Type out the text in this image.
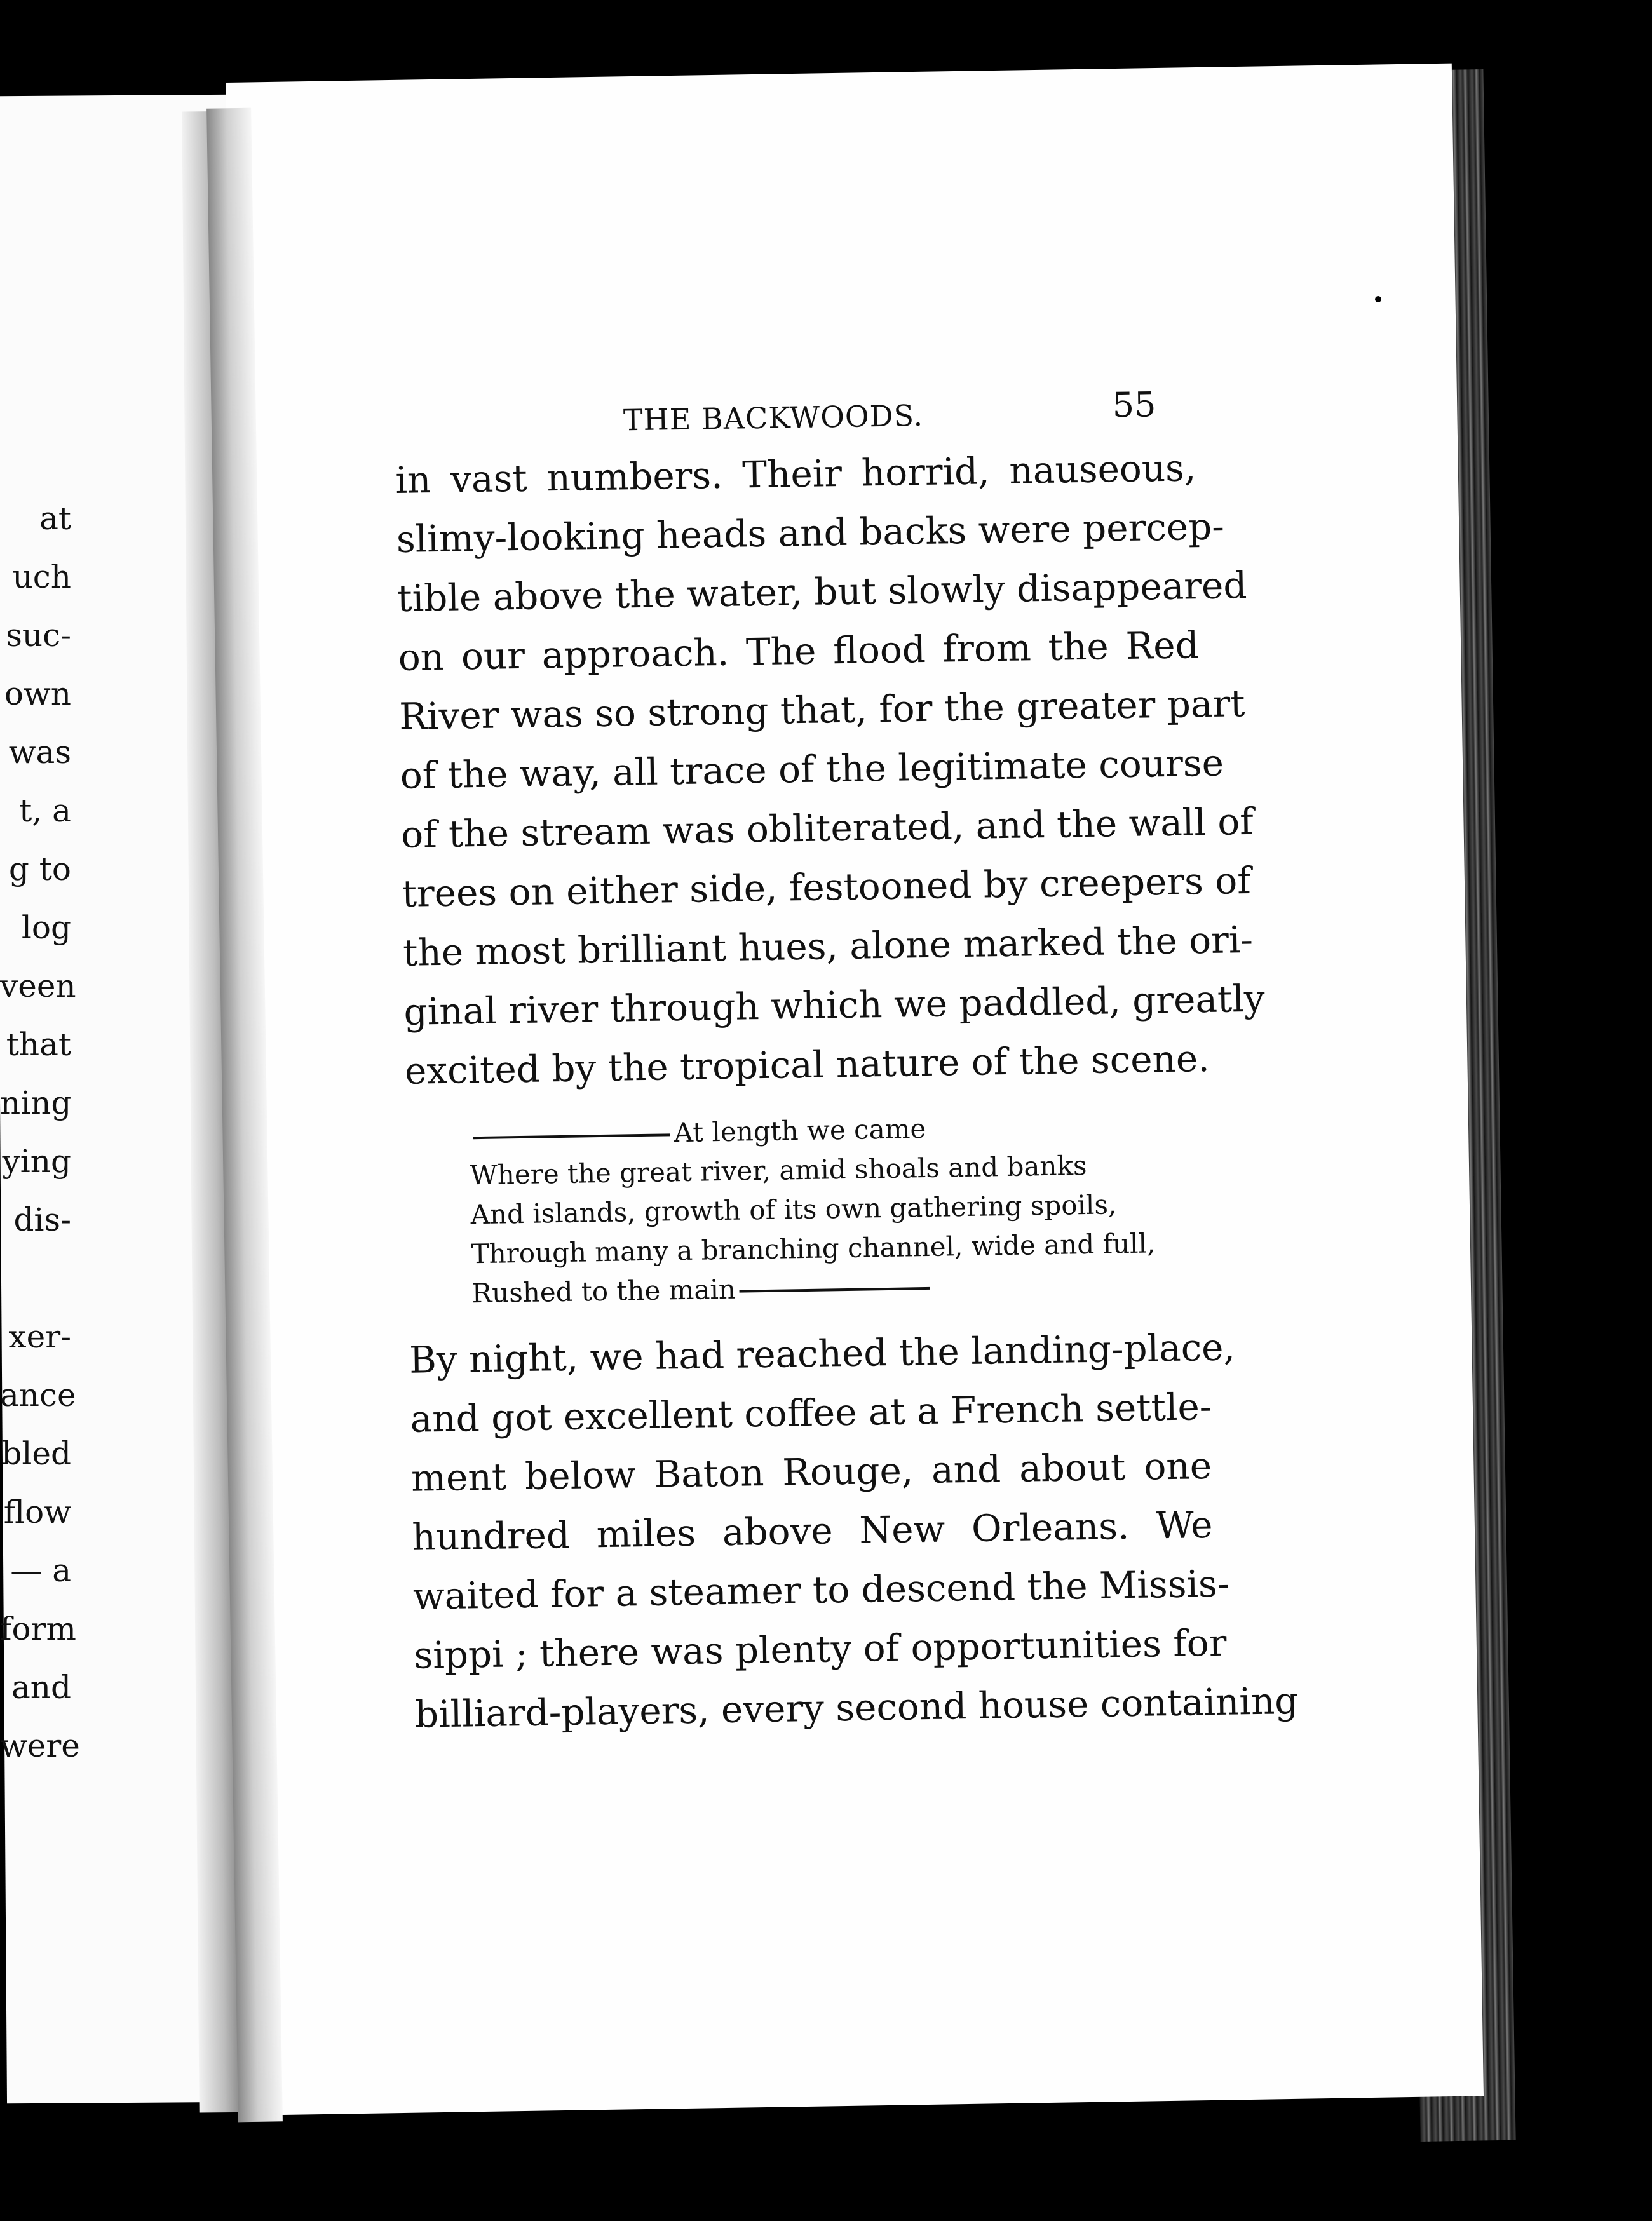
at
uch
suc-
own
was
t, a
g to
log
veen
that
ning
ying
dis-

xer-
ance
bled
flow
— a
form
and
were
THE BACKWOODS.	55

in vast numbers. Their horrid, nauseous,
slimy-looking heads and backs were percep-
tible above the water, but slowly disappeared
on our approach. The flood from the Red
River was so strong that, for the greater part
of the way, all trace of the legitimate course
of the stream was obliterated, and the wall of
trees on either side, festooned by creepers of
the most brilliant hues, alone marked the ori-
ginal river through which we paddled, greatly
excited by the tropical nature of the scene.

At length we came
Where the great river, amid shoals and banks
And islands, growth of its own gathering spoils,
Through many a branching channel, wide and full,
Rushed to the main

By night, we had reached the landing-place,
and got excellent coffee at a French settle-
ment below Baton Rouge, and about one
hundred miles above New Orleans. We
waited for a steamer to descend the Missis-
sippi ; there was plenty of opportunities for
billiard-players, every second house containing
